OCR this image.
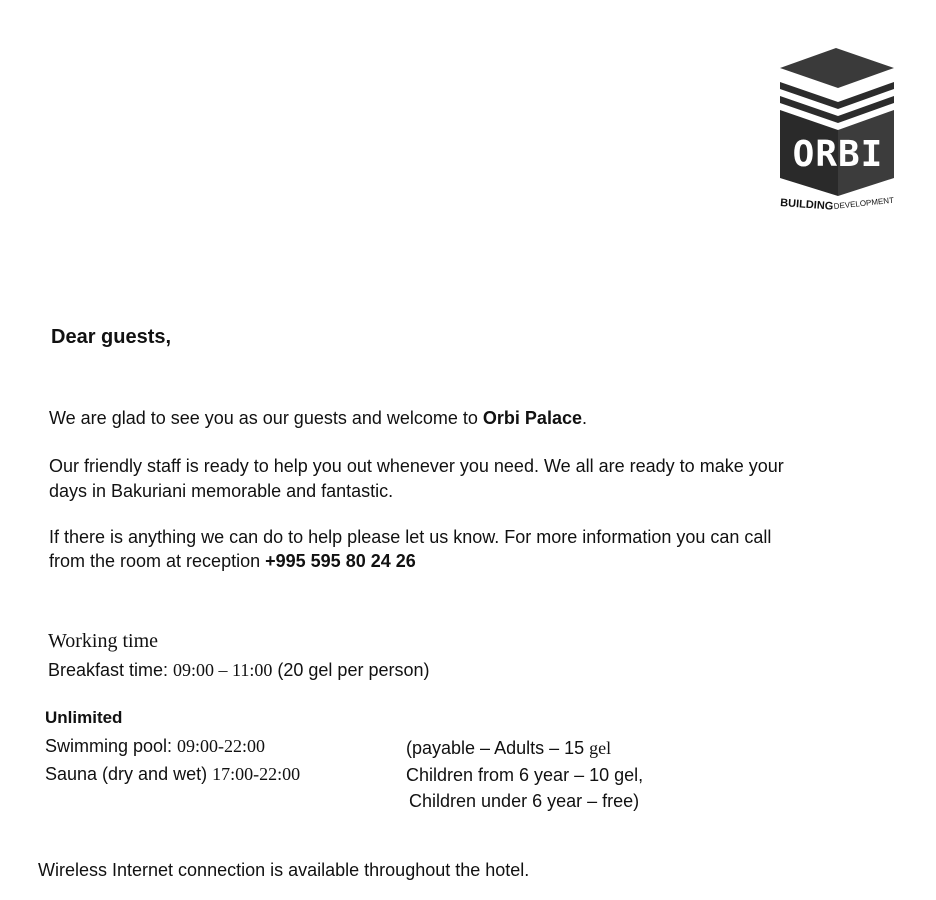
ORBI
BUILDING DEVELOPMENT
Dear guests,
We are glad to see you as our guests and welcome to Orbi Palace.
Our friendly staff is ready to help you out whenever you need. We all are ready to make your
days in Bakuriani memorable and fantastic.
If there is anything we can do to help please let us know. For more information you can call
from the room at reception +995 595 80 24 26
Working time
Breakfast time: 09:00 – 11:00 (20 gel per person)
Unlimited
Swimming pool: 09:00-22:00
Sauna (dry and wet) 17:00-22:00
(payable – Adults – 15 gel
Children from 6 year – 10 gel,
Children under 6 year – free)
Wireless Internet connection is available throughout the hotel.
